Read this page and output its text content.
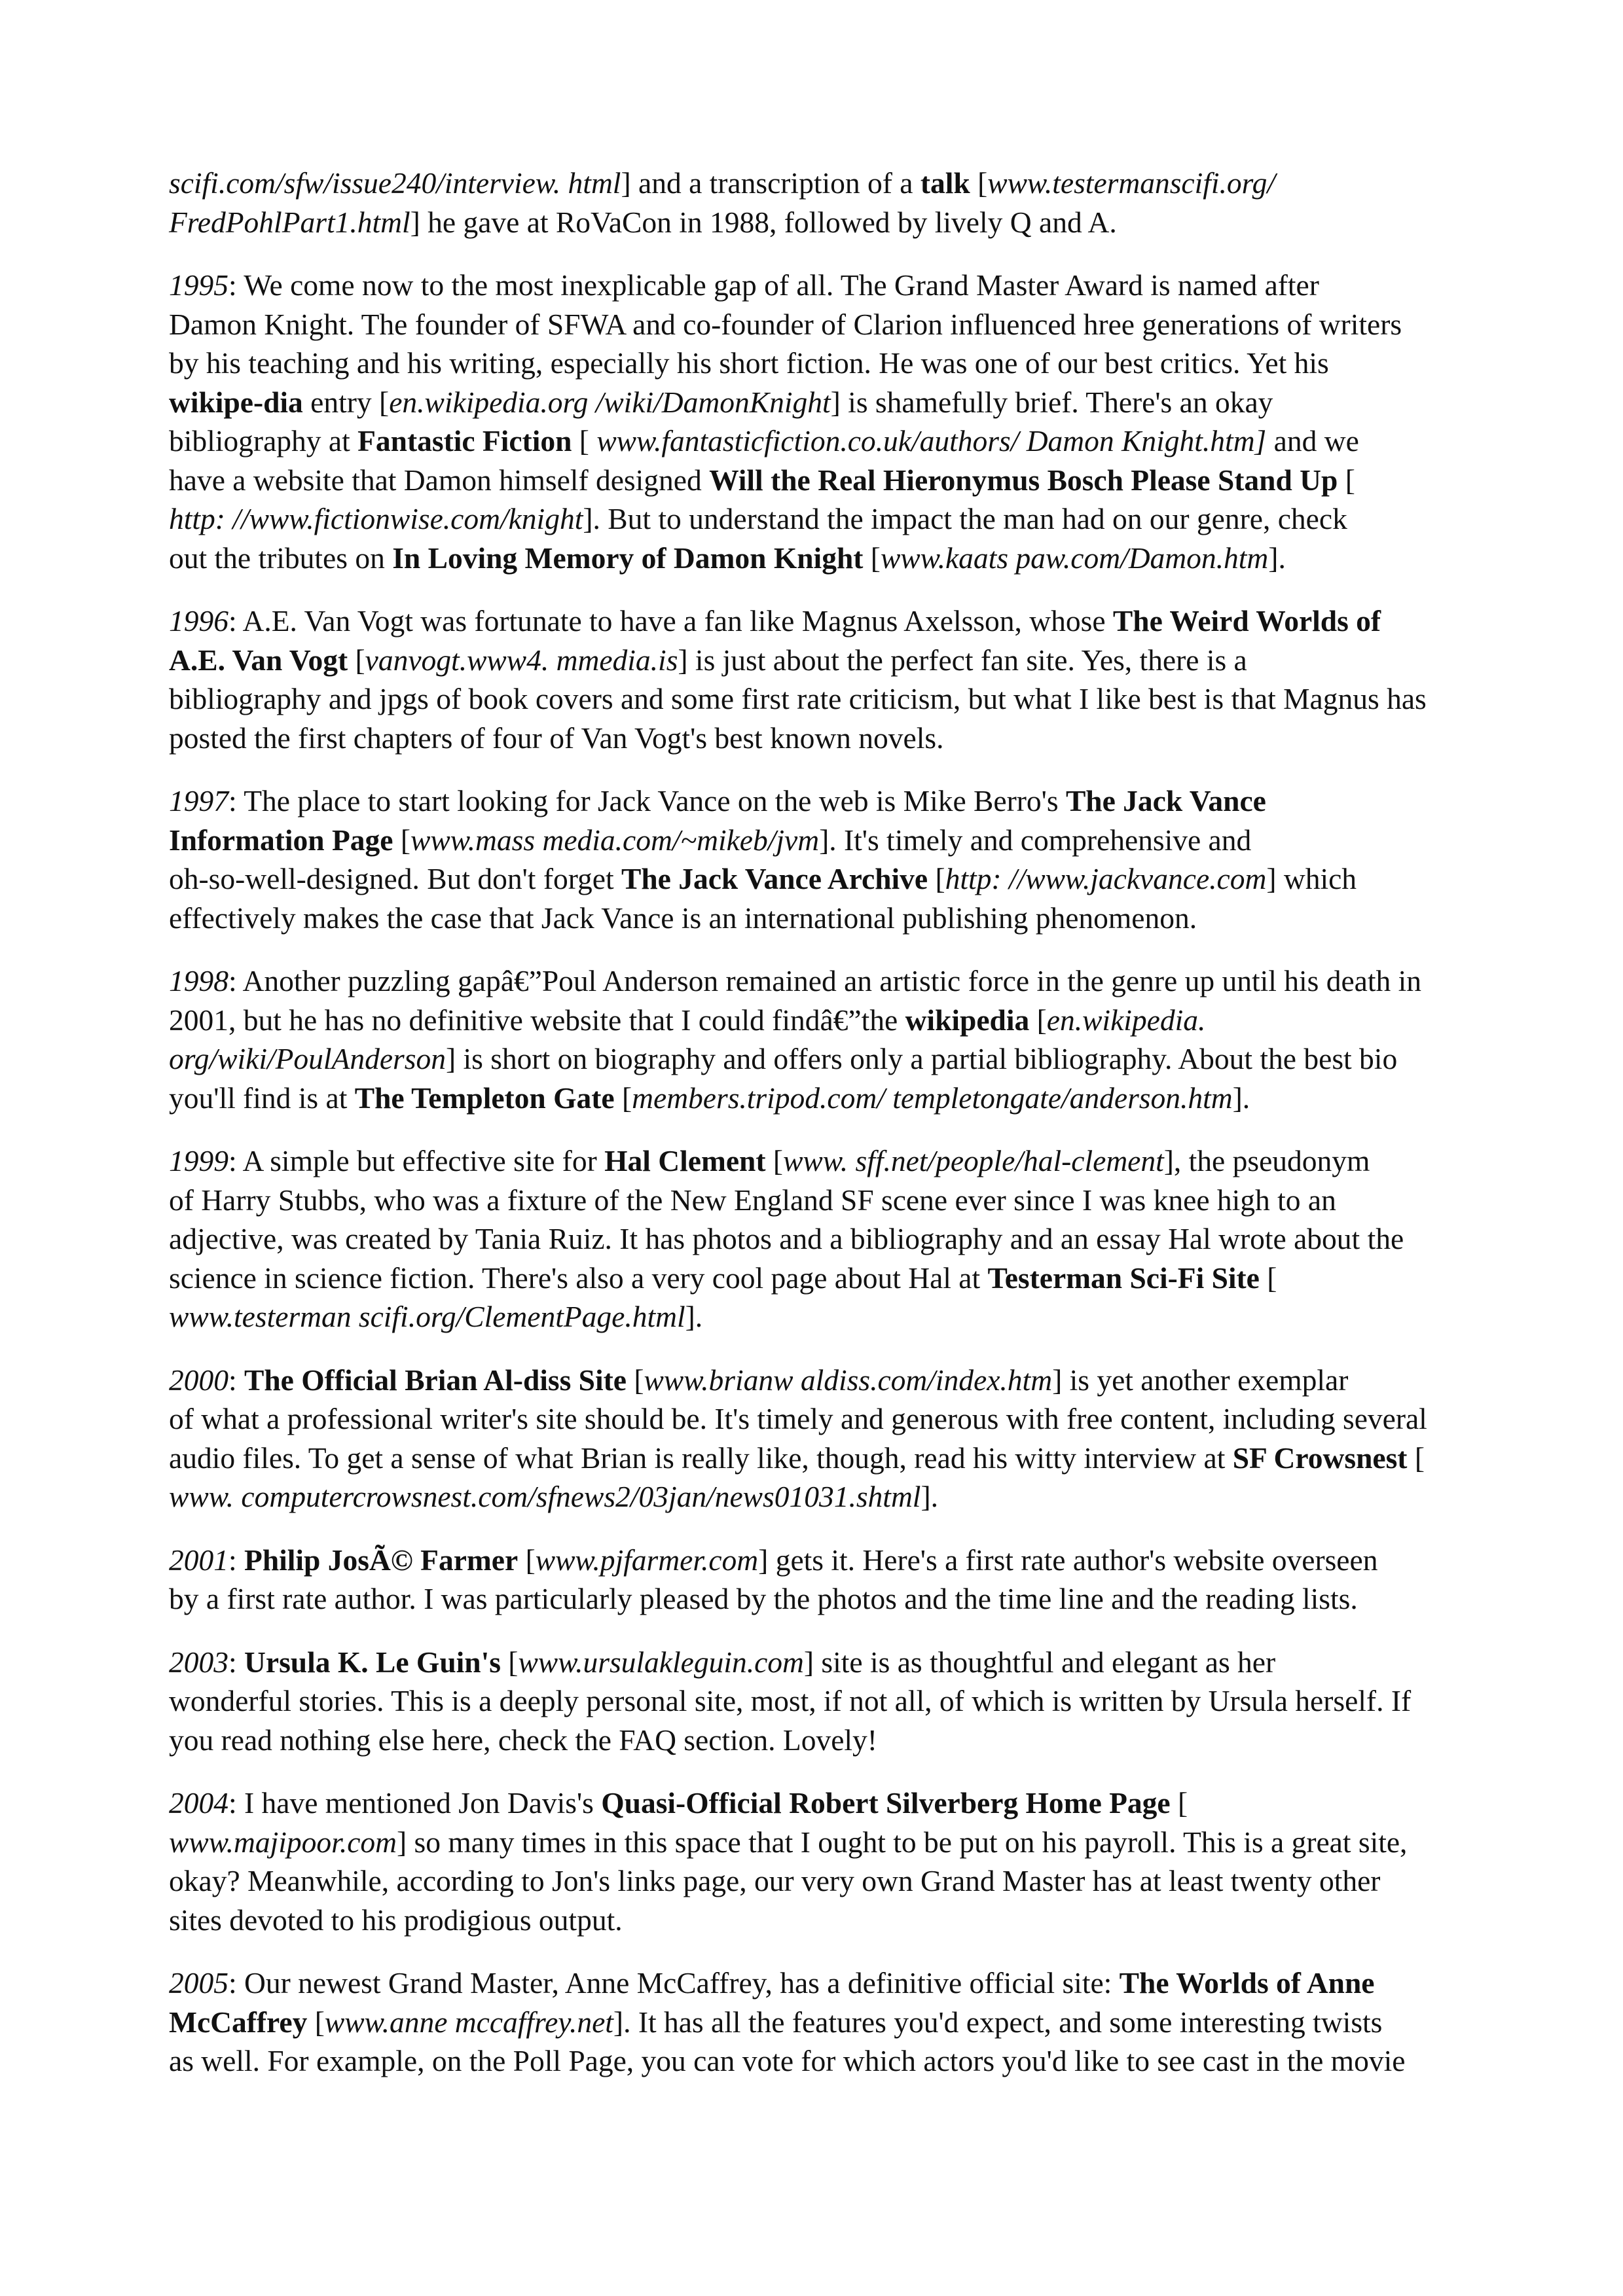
scifi.com/sfw/issue240/interview. html] and a transcription of a talk [www.testermanscifi.org/
FredPohlPart1.html] he gave at RoVaCon in 1988, followed by lively Q and A.

1995: We come now to the most inexplicable gap of all. The Grand Master Award is named after
Damon Knight. The founder of SFWA and co-founder of Clarion influenced hree generations of writers
by his teaching and his writing, especially his short fiction. He was one of our best critics. Yet his
wikipe-dia entry [en.wikipedia.org /wiki/DamonKnight] is shamefully brief. There's an okay
bibliography at Fantastic Fiction [ www.fantasticfiction.co.uk/authors/ Damon Knight.htm] and we
have a website that Damon himself designed Will the Real Hieronymus Bosch Please Stand Up [
http: //www.fictionwise.com/knight]. But to understand the impact the man had on our genre, check
out the tributes on In Loving Memory of Damon Knight [www.kaats paw.com/Damon.htm].

1996: A.E. Van Vogt was fortunate to have a fan like Magnus Axelsson, whose The Weird Worlds of
A.E. Van Vogt [vanvogt.www4. mmedia.is] is just about the perfect fan site. Yes, there is a
bibliography and jpgs of book covers and some first rate criticism, but what I like best is that Magnus has
posted the first chapters of four of Van Vogt's best known novels.

1997: The place to start looking for Jack Vance on the web is Mike Berro's The Jack Vance
Information Page [www.mass media.com/~mikeb/jvm]. It's timely and comprehensive and
oh-so-well-designed. But don't forget The Jack Vance Archive [http: //www.jackvance.com] which
effectively makes the case that Jack Vance is an international publishing phenomenon.

1998: Another puzzling gapâ€”Poul Anderson remained an artistic force in the genre up until his death in
2001, but he has no definitive website that I could findâ€”the wikipedia [en.wikipedia.
org/wiki/PoulAnderson] is short on biography and offers only a partial bibliography. About the best bio
you'll find is at The Templeton Gate [members.tripod.com/ templetongate/anderson.htm].

1999: A simple but effective site for Hal Clement [www. sff.net/people/hal-clement], the pseudonym
of Harry Stubbs, who was a fixture of the New England SF scene ever since I was knee high to an
adjective, was created by Tania Ruiz. It has photos and a bibliography and an essay Hal wrote about the
science in science fiction. There's also a very cool page about Hal at Testerman Sci-Fi Site [
www.testerman scifi.org/ClementPage.html].

2000: The Official Brian Al-diss Site [www.brianw aldiss.com/index.htm] is yet another exemplar
of what a professional writer's site should be. It's timely and generous with free content, including several
audio files. To get a sense of what Brian is really like, though, read his witty interview at SF Crowsnest [
www. computercrowsnest.com/sfnews2/03jan/news01031.shtml].

2001: Philip JosÃ© Farmer [www.pjfarmer.com] gets it. Here's a first rate author's website overseen
by a first rate author. I was particularly pleased by the photos and the time line and the reading lists.

2003: Ursula K. Le Guin's [www.ursulakleguin.com] site is as thoughtful and elegant as her
wonderful stories. This is a deeply personal site, most, if not all, of which is written by Ursula herself. If
you read nothing else here, check the FAQ section. Lovely!

2004: I have mentioned Jon Davis's Quasi-Official Robert Silverberg Home Page [
www.majipoor.com] so many times in this space that I ought to be put on his payroll. This is a great site,
okay? Meanwhile, according to Jon's links page, our very own Grand Master has at least twenty other
sites devoted to his prodigious output.

2005: Our newest Grand Master, Anne McCaffrey, has a definitive official site: The Worlds of Anne
McCaffrey [www.anne mccaffrey.net]. It has all the features you'd expect, and some interesting twists
as well. For example, on the Poll Page, you can vote for which actors you'd like to see cast in the movie
